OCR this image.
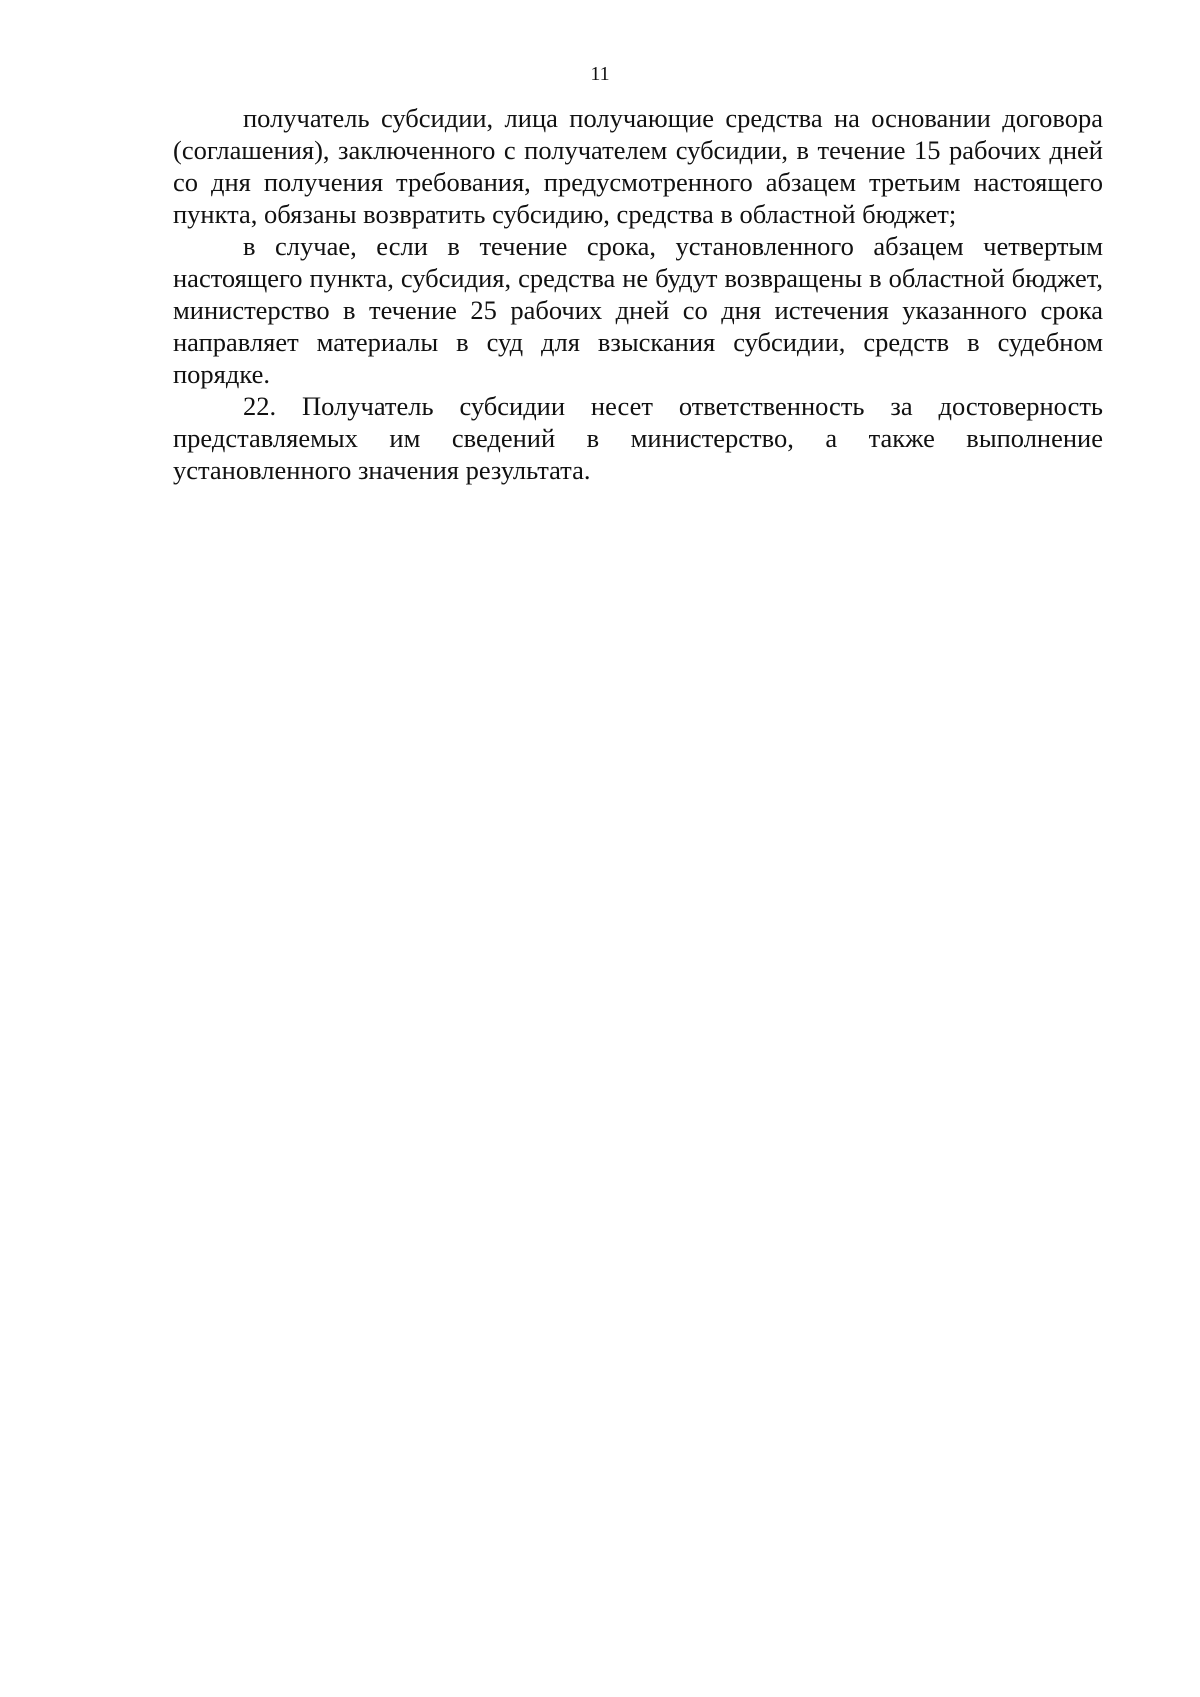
11

получатель субсидии, лица получающие средства на основании договора (соглашения), заключенного с получателем субсидии, в течение 15 рабочих дней со дня получения требования, предусмотренного абзацем третьим настоящего пункта, обязаны возвратить субсидию, средства в областной бюджет;

в случае, если в течение срока, установленного абзацем четвертым настоящего пункта, субсидия, средства не будут возвращены в областной бюджет, министерство в течение 25 рабочих дней со дня истечения указанного срока направляет материалы в суд для взыскания субсидии, средств в судебном порядке.

22. Получатель субсидии несет ответственность за достоверность представляемых им сведений в министерство, а также выполнение установленного значения результата.
